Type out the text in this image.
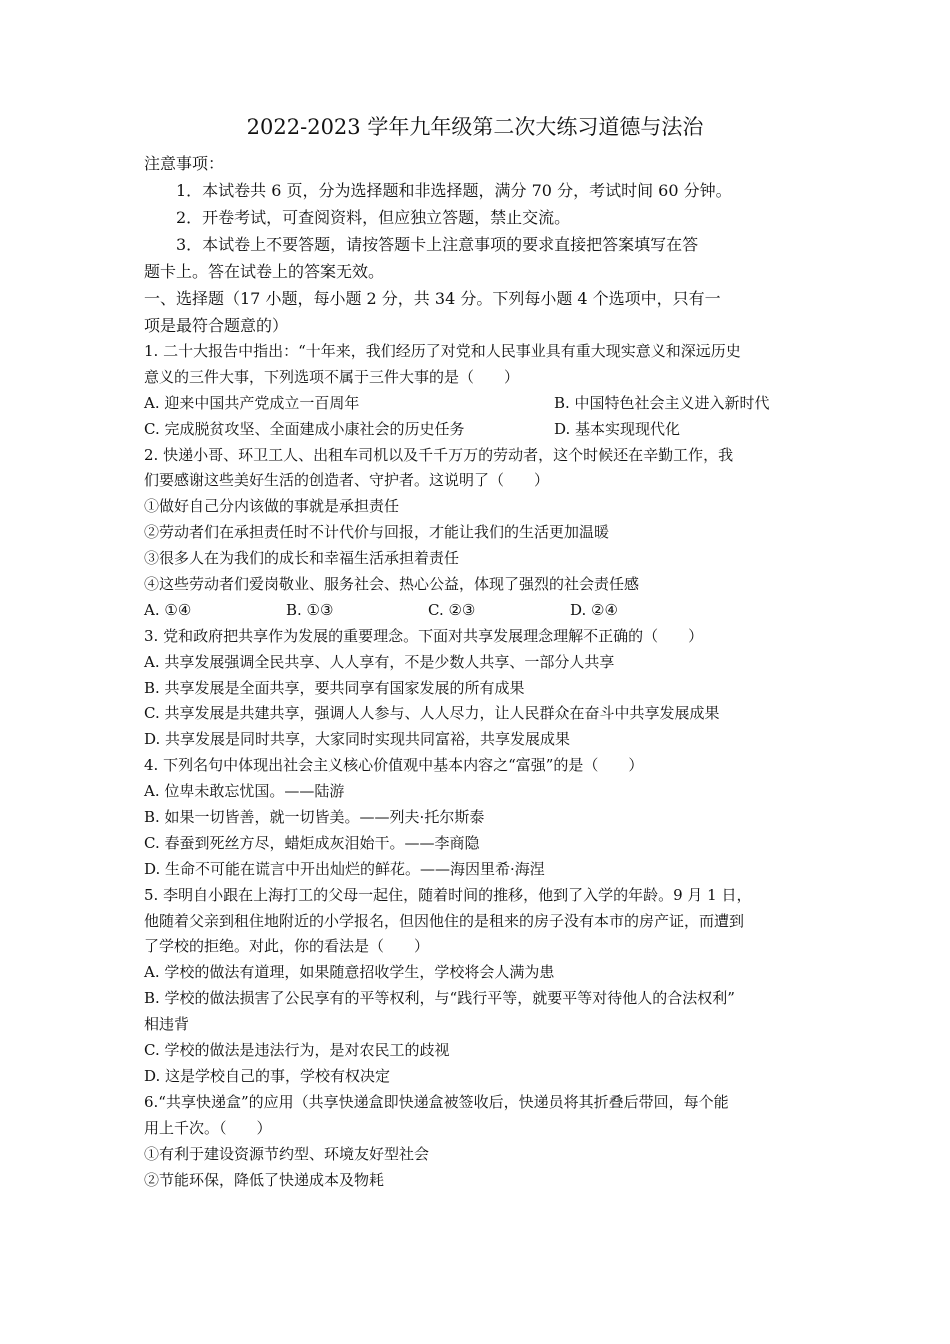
2022-2023 学年九年级第二次大练习道德与法治
注意事项：
1．本试卷共 6 页，分为选择题和非选择题，满分 70 分，考试时间 60 分钟。
2．开卷考试，可查阅资料，但应独立答题，禁止交流。
3．本试卷上不要答题，请按答题卡上注意事项的要求直接把答案填写在答
题卡上。答在试卷上的答案无效。
一、选择题（17 小题，每小题 2 分，共 34 分。下列每小题 4 个选项中，只有一
项是最符合题意的）
1. 二十大报告中指出：“十年来，我们经历了对党和人民事业具有重大现实意义和深远历史
意义的三件大事，下列选项不属于三件大事的是（　　）
A. 迎来中国共产党成立一百周年	B. 中国特色社会主义进入新时代
C. 完成脱贫攻坚、全面建成小康社会的历史任务	D. 基本实现现代化
2. 快递小哥、环卫工人、出租车司机以及千千万万的劳动者，这个时候还在辛勤工作，我
们要感谢这些美好生活的创造者、守护者。这说明了（　　）
①做好自己分内该做的事就是承担责任
②劳动者们在承担责任时不计代价与回报，才能让我们的生活更加温暖
③很多人在为我们的成长和幸福生活承担着责任
④这些劳动者们爱岗敬业、服务社会、热心公益，体现了强烈的社会责任感
A. ①④	B. ①③	C. ②③	D. ②④
3. 党和政府把共享作为发展的重要理念。下面对共享发展理念理解不正确的（　　）
A. 共享发展强调全民共享、人人享有，不是少数人共享、一部分人共享
B. 共享发展是全面共享，要共同享有国家发展的所有成果
C. 共享发展是共建共享，强调人人参与、人人尽力，让人民群众在奋斗中共享发展成果
D. 共享发展是同时共享，大家同时实现共同富裕，共享发展成果
4. 下列名句中体现出社会主义核心价值观中基本内容之“富强”的是（　　）
A. 位卑未敢忘忧国。——陆游
B. 如果一切皆善，就一切皆美。——列夫·托尔斯泰
C. 春蚕到死丝方尽，蜡炬成灰泪始干。——李商隐
D. 生命不可能在谎言中开出灿烂的鲜花。——海因里希·海涅
5. 李明自小跟在上海打工的父母一起住，随着时间的推移，他到了入学的年龄。9 月 1 日，
他随着父亲到租住地附近的小学报名，但因他住的是租来的房子没有本市的房产证，而遭到
了学校的拒绝。对此，你的看法是（　　）
A. 学校的做法有道理，如果随意招收学生，学校将会人满为患
B. 学校的做法损害了公民享有的平等权利，与“践行平等，就要平等对待他人的合法权利”
相违背
C. 学校的做法是违法行为，是对农民工的歧视
D. 这是学校自己的事，学校有权决定
6.“共享快递盒”的应用（共享快递盒即快递盒被签收后，快递员将其折叠后带回，每个能
用上千次。（　　）
①有利于建设资源节约型、环境友好型社会
②节能环保，降低了快递成本及物耗
